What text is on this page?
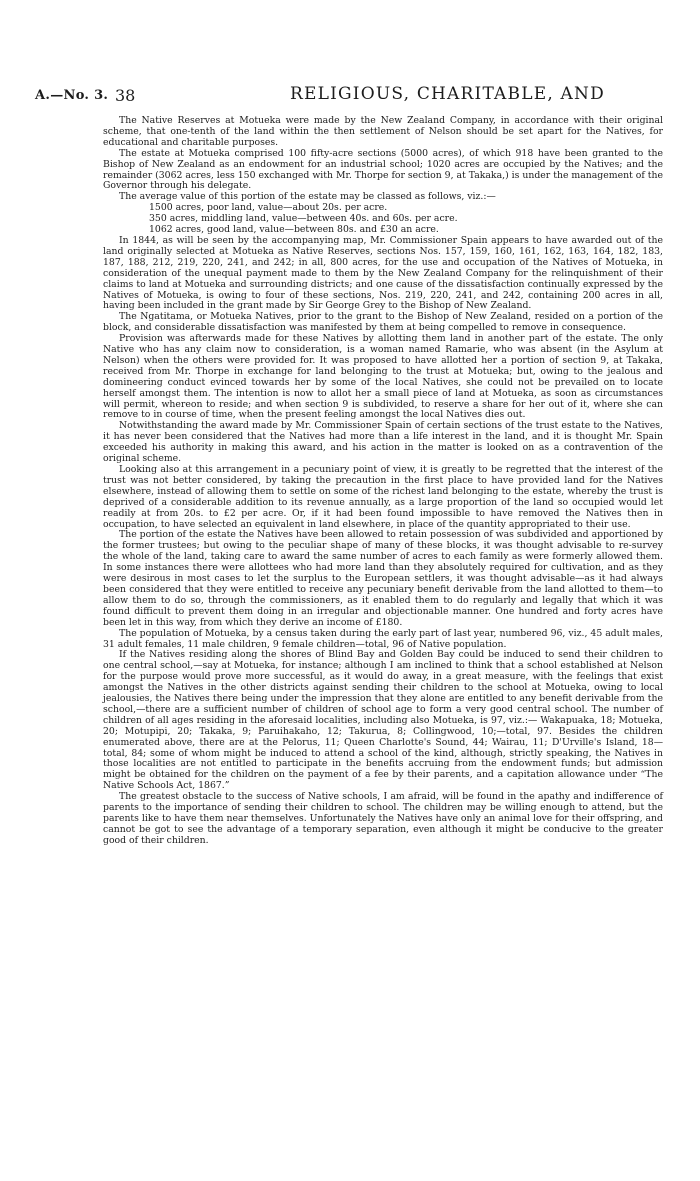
A.—No. 3. 38	RELIGIOUS, CHARITABLE, AND

The Native Reserves at Motueka were made by the New Zealand Company, in accordance with their original scheme, that one-tenth of the land within the then settlement of Nelson should be set apart for the Natives, for educational and charitable purposes.

The estate at Motueka comprised 100 fifty-acre sections (5000 acres), of which 918 have been granted to the Bishop of New Zealand as an endowment for an industrial school; 1020 acres are occupied by the Natives; and the remainder (3062 acres, less 150 exchanged with Mr. Thorpe for section 9, at Takaka,) is under the management of the Governor through his delegate.

The average value of this portion of the estate may be classed as follows, viz.:—

1500 acres, poor land, value—about 20s. per acre.

350 acres, middling land, value—between 40s. and 60s. per acre.

1062 acres, good land, value—between 80s. and £30 an acre.

In 1844, as will be seen by the accompanying map, Mr. Commissioner Spain appears to have awarded out of the land originally selected at Motueka as Native Reserves, sections Nos. 157, 159, 160, 161, 162, 163, 164, 182, 183, 187, 188, 212, 219, 220, 241, and 242; in all, 800 acres, for the use and occupation of the Natives of Motueka, in consideration of the unequal payment made to them by the New Zealand Company for the relinquishment of their claims to land at Motueka and surrounding districts; and one cause of the dissatisfaction continually expressed by the Natives of Motueka, is owing to four of these sections, Nos. 219, 220, 241, and 242, containing 200 acres in all, having been included in the grant made by Sir George Grey to the Bishop of New Zealand.

The Ngatitama, or Motueka Natives, prior to the grant to the Bishop of New Zealand, resided on a portion of the block, and considerable dissatisfaction was manifested by them at being compelled to remove in consequence.

Provision was afterwards made for these Natives by allotting them land in another part of the estate. The only Native who has any claim now to consideration, is a woman named Ramarie, who was absent (in the Asylum at Nelson) when the others were provided for. It was proposed to have allotted her a portion of section 9, at Takaka, received from Mr. Thorpe in exchange for land belonging to the trust at Motueka; but, owing to the jealous and domineering conduct evinced towards her by some of the local Natives, she could not be prevailed on to locate herself amongst them. The intention is now to allot her a small piece of land at Motueka, as soon as circumstances will permit, whereon to reside; and when section 9 is subdivided, to reserve a share for her out of it, where she can remove to in course of time, when the present feeling amongst the local Natives dies out.

Notwithstanding the award made by Mr. Commissioner Spain of certain sections of the trust estate to the Natives, it has never been considered that the Natives had more than a life interest in the land, and it is thought Mr. Spain exceeded his authority in making this award, and his action in the matter is looked on as a contravention of the original scheme.

Looking also at this arrangement in a pecuniary point of view, it is greatly to be regretted that the interest of the trust was not better considered, by taking the precaution in the first place to have provided land for the Natives elsewhere, instead of allowing them to settle on some of the richest land belonging to the estate, whereby the trust is deprived of a considerable addition to its revenue annually, as a large proportion of the land so occupied would let readily at from 20s. to £2 per acre. Or, if it had been found impossible to have removed the Natives then in occupation, to have selected an equivalent in land elsewhere, in place of the quantity appropriated to their use.

The portion of the estate the Natives have been allowed to retain possession of was subdivided and apportioned by the former trustees; but owing to the peculiar shape of many of these blocks, it was thought advisable to re-survey the whole of the land, taking care to award the same number of acres to each family as were formerly allowed them. In some instances there were allottees who had more land than they absolutely required for cultivation, and as they were desirous in most cases to let the surplus to the European settlers, it was thought advisable—as it had always been considered that they were entitled to receive any pecuniary benefit derivable from the land allotted to them—to allow them to do so, through the commissioners, as it enabled them to do regularly and legally that which it was found difficult to prevent them doing in an irregular and objectionable manner. One hundred and forty acres have been let in this way, from which they derive an income of £180.

The population of Motueka, by a census taken during the early part of last year, numbered 96, viz., 45 adult males, 31 adult females, 11 male children, 9 female children—total, 96 of Native population.

If the Natives residing along the shores of Blind Bay and Golden Bay could be induced to send their children to one central school,—say at Motueka, for instance; although I am inclined to think that a school established at Nelson for the purpose would prove more successful, as it would do away, in a great measure, with the feelings that exist amongst the Natives in the other districts against sending their children to the school at Motueka, owing to local jealousies, the Natives there being under the impression that they alone are entitled to any benefit derivable from the school,—there are a sufficient number of children of school age to form a very good central school. The number of children of all ages residing in the aforesaid localities, including also Motueka, is 97, viz.:— Wakapuaka, 18; Motueka, 20; Motupipi, 20; Takaka, 9; Paruihakaho, 12; Takurua, 8; Collingwood, 10;—total, 97. Besides the children enumerated above, there are at the Pelorus, 11; Queen Charlotte's Sound, 44; Wairau, 11; D'Urville's Island, 18—total, 84; some of whom might be induced to attend a school of the kind, although, strictly speaking, the Natives in those localities are not entitled to participate in the benefits accruing from the endowment funds; but admission might be obtained for the children on the payment of a fee by their parents, and a capitation allowance under “The Native Schools Act, 1867.”

The greatest obstacle to the success of Native schools, I am afraid, will be found in the apathy and indifference of parents to the importance of sending their children to school. The children may be willing enough to attend, but the parents like to have them near themselves. Unfortunately the Natives have only an animal love for their offspring, and cannot be got to see the advantage of a temporary separation, even although it might be conducive to the greater good of their children.
